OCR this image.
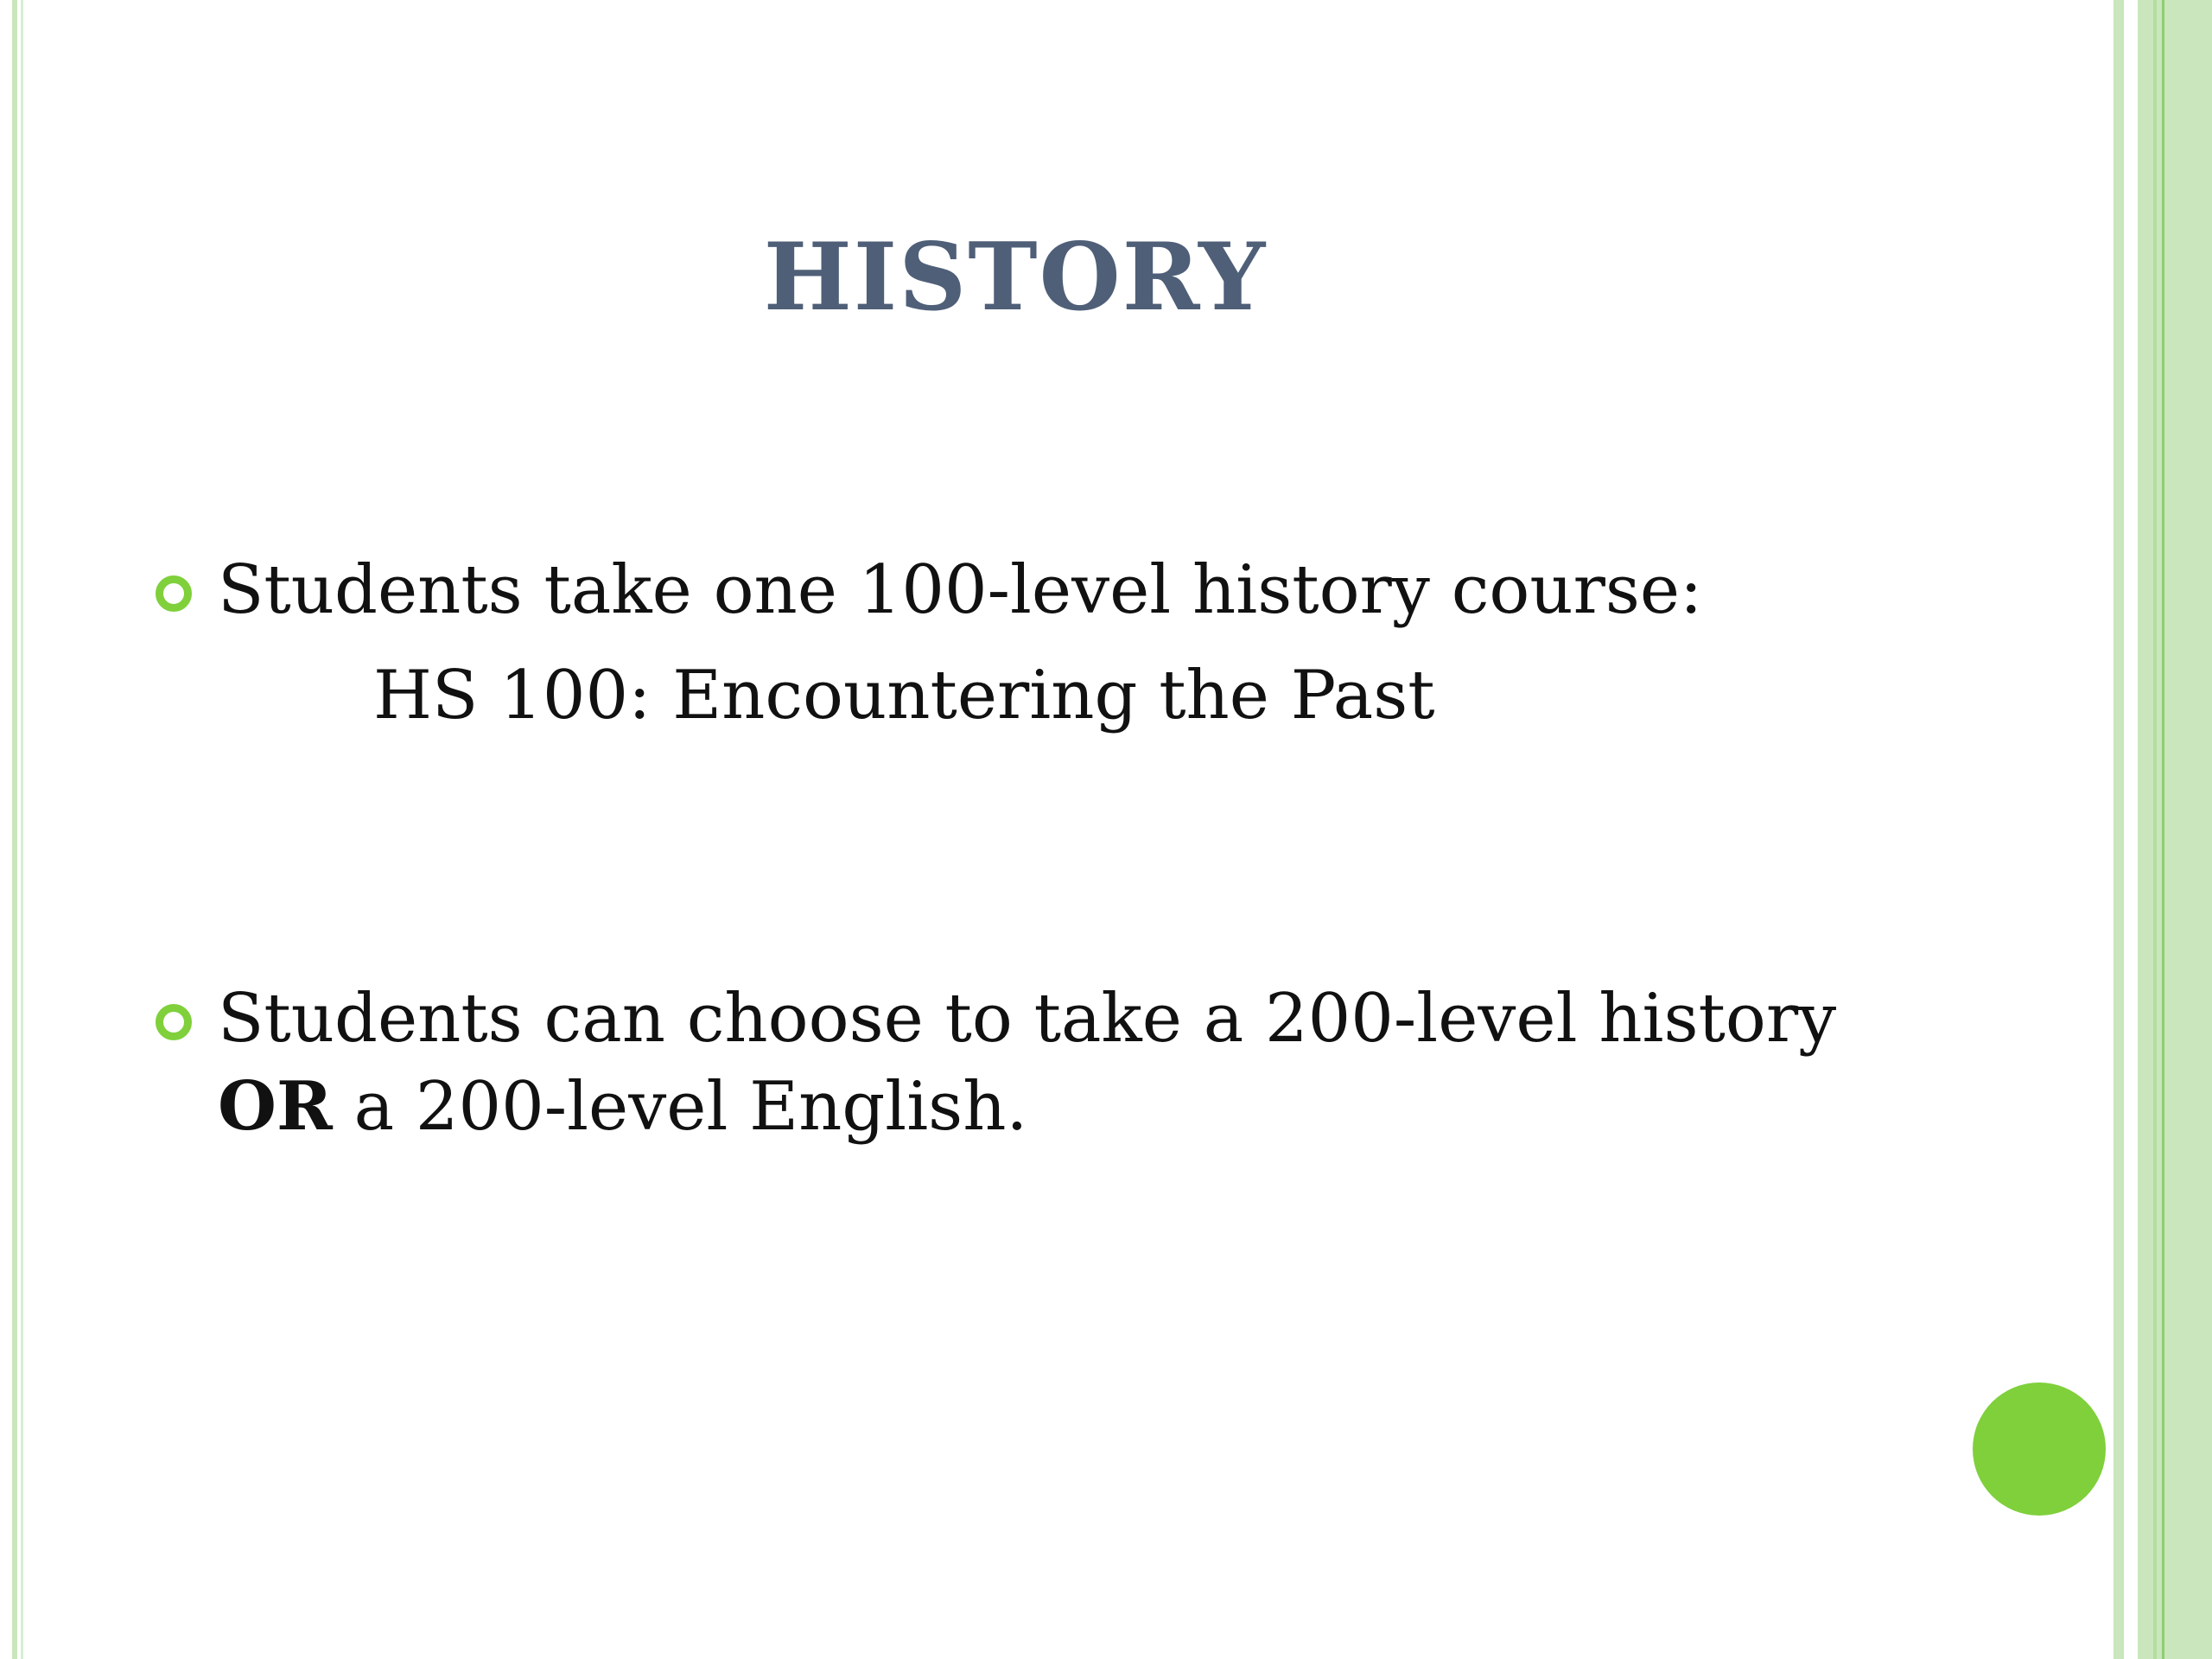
HISTORY
Students take one 100-level history course:
HS 100: Encountering the Past
Students can choose to take a 200-level history
OR a 200-level English.
